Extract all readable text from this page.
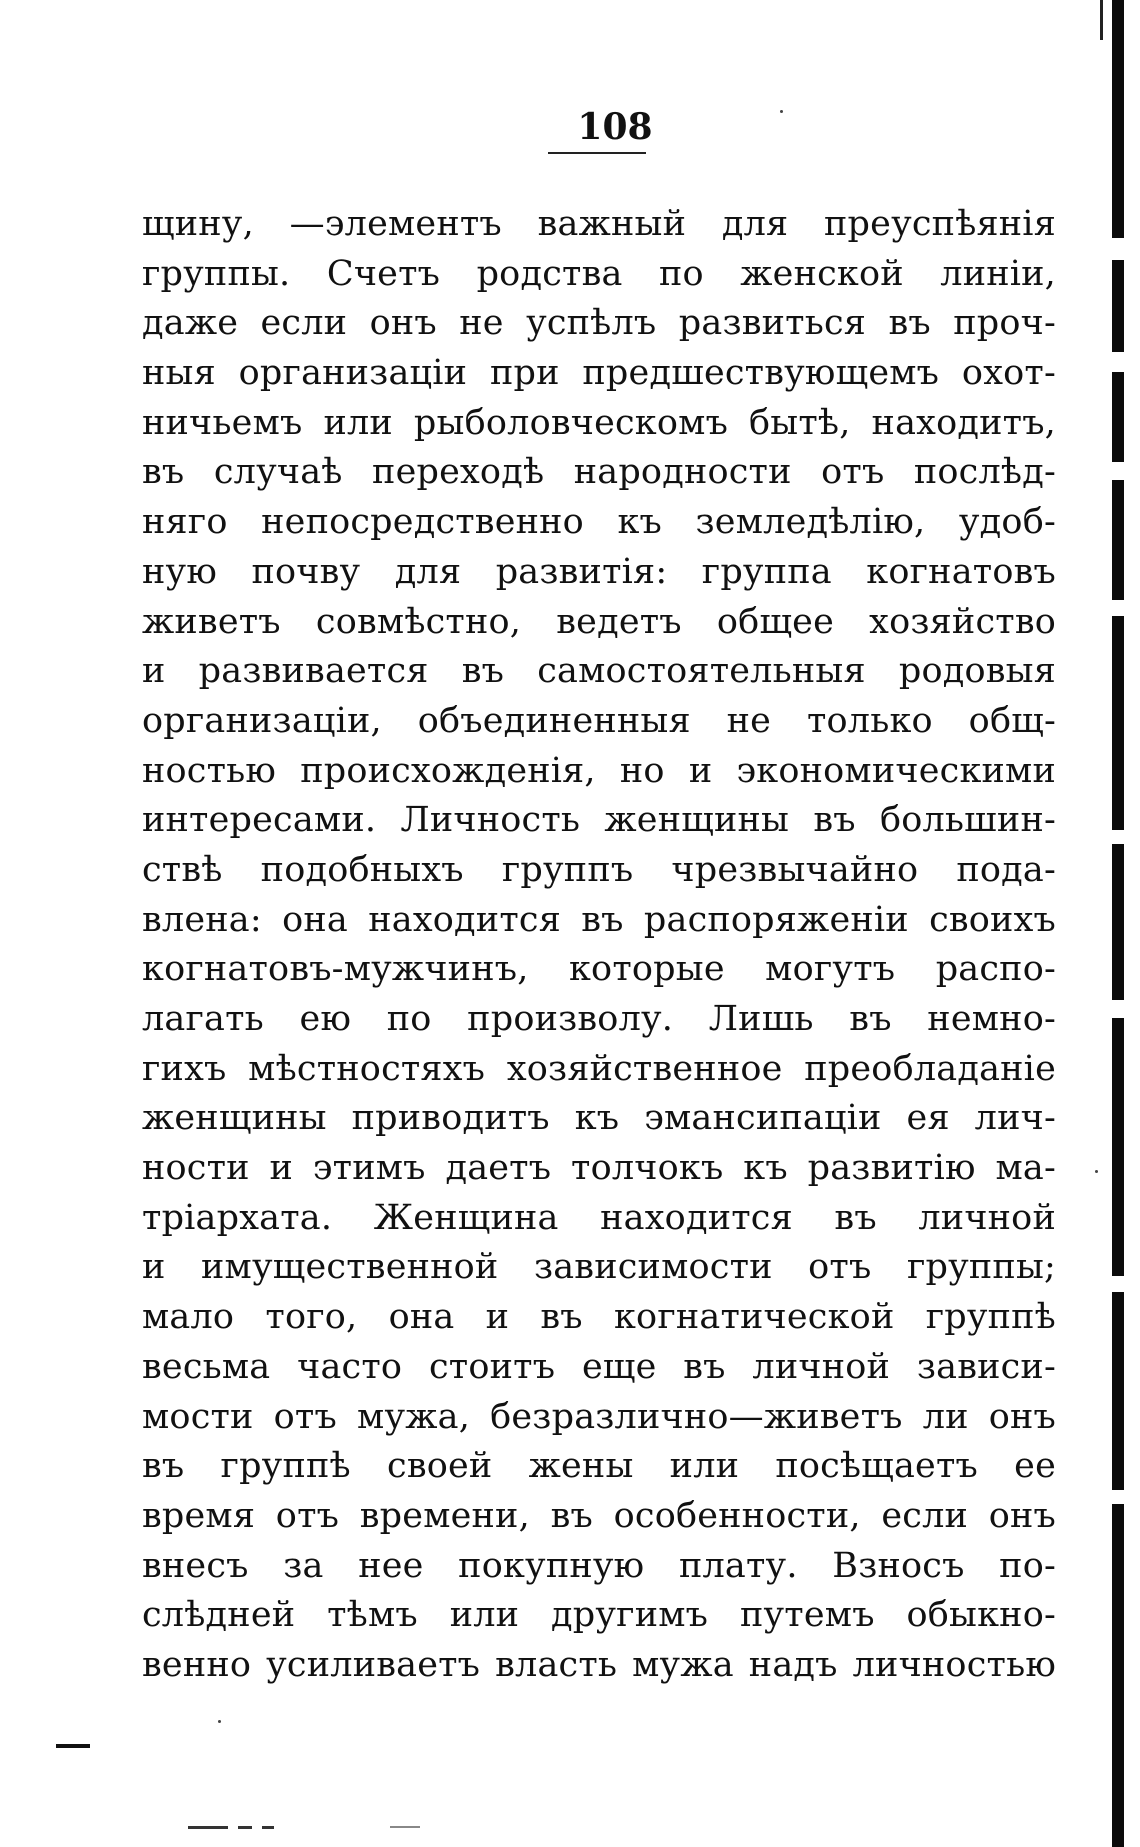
108
щину, —элементъ важный для преуспѣянія
группы. Счетъ родства по женской линіи,
даже если онъ не успѣлъ развиться въ проч-
ныя организаціи при предшествующемъ охот-
ничьемъ или рыболовческомъ бытѣ, находитъ,
въ случаѣ переходѣ народности отъ послѣд-
няго непосредственно къ земледѣлію, удоб-
ную почву для развитія: группа когнатовъ
живетъ совмѣстно, ведетъ общее хозяйство
и развивается въ самостоятельныя родовыя
организаціи, объединенныя не только общ-
ностью происхожденія, но и экономическими
интересами. Личность женщины въ большин-
ствѣ подобныхъ группъ чрезвычайно пода-
влена: она находится въ распоряженіи своихъ
когнатовъ-мужчинъ, которые могутъ распо-
лагать ею по произволу. Лишь въ немно-
гихъ мѣстностяхъ хозяйственное преобладаніе
женщины приводитъ къ эмансипаціи ея лич-
ности и этимъ даетъ толчокъ къ развитію ма-
тріархата. Женщина находится въ личной
и имущественной зависимости отъ группы;
мало того, она и въ когнатической группѣ
весьма часто стоитъ еще въ личной зависи-
мости отъ мужа, безразлично—живетъ ли онъ
въ группѣ своей жены или посѣщаетъ ее
время отъ времени, въ особенности, если онъ
внесъ за нее покупную плату. Взносъ по-
слѣдней тѣмъ или другимъ путемъ обыкно-
венно усиливаетъ власть мужа надъ личностью
